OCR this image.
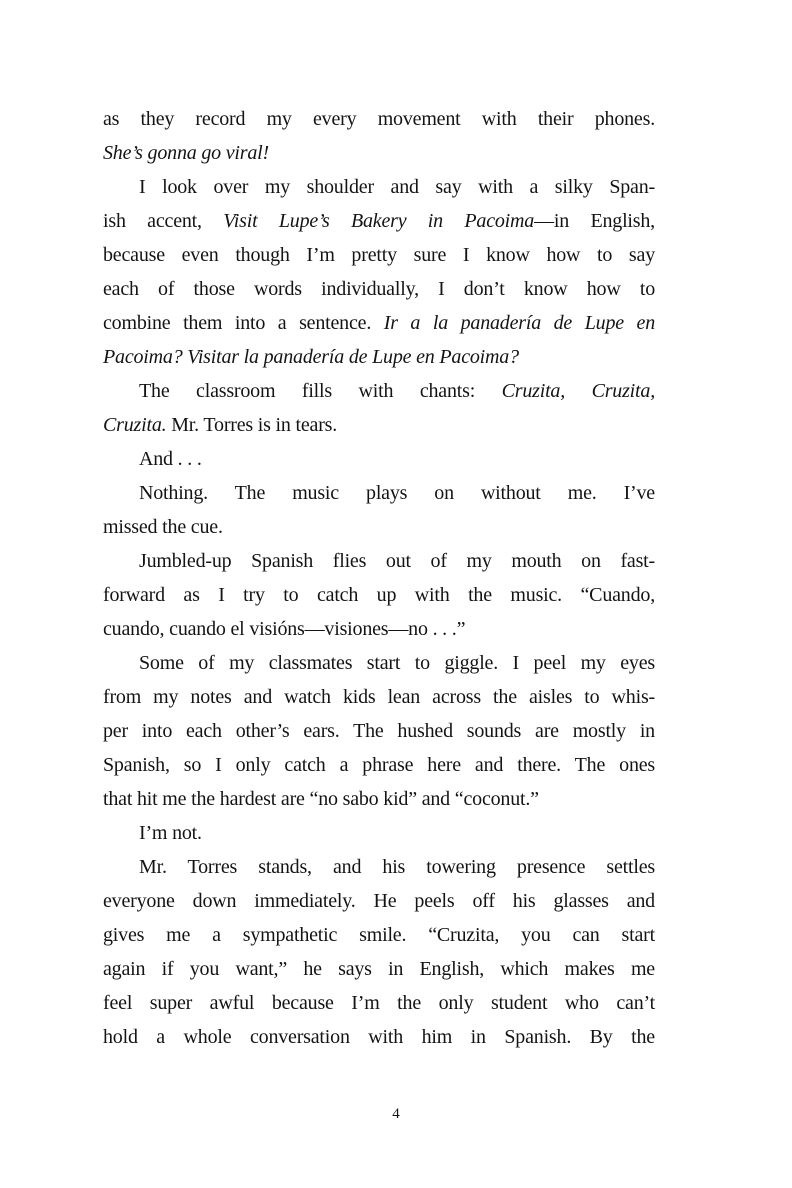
as they record my every movement with their phones.
She’s gonna go viral!
I look over my shoulder and say with a silky Span-
ish accent, Visit Lupe’s Bakery in Pacoima—in English,
because even though I’m pretty sure I know how to say
each of those words individually, I don’t know how to
combine them into a sentence. Ir a la panadería de Lupe en
Pacoima? Visitar la panadería de Lupe en Pacoima?
The classroom fills with chants: Cruzita, Cruzita,
Cruzita. Mr. Torres is in tears.
And . . .
Nothing. The music plays on without me. I’ve
missed the cue.
Jumbled-up Spanish flies out of my mouth on fast-
forward as I try to catch up with the music. “Cuando,
cuando, cuando el visións—visiones—no . . .”
Some of my classmates start to giggle. I peel my eyes
from my notes and watch kids lean across the aisles to whis-
per into each other’s ears. The hushed sounds are mostly in
Spanish, so I only catch a phrase here and there. The ones
that hit me the hardest are “no sabo kid” and “coconut.”
I’m not.
Mr. Torres stands, and his towering presence settles
everyone down immediately. He peels off his glasses and
gives me a sympathetic smile. “Cruzita, you can start
again if you want,” he says in English, which makes me
feel super awful because I’m the only student who can’t
hold a whole conversation with him in Spanish. By the
4
